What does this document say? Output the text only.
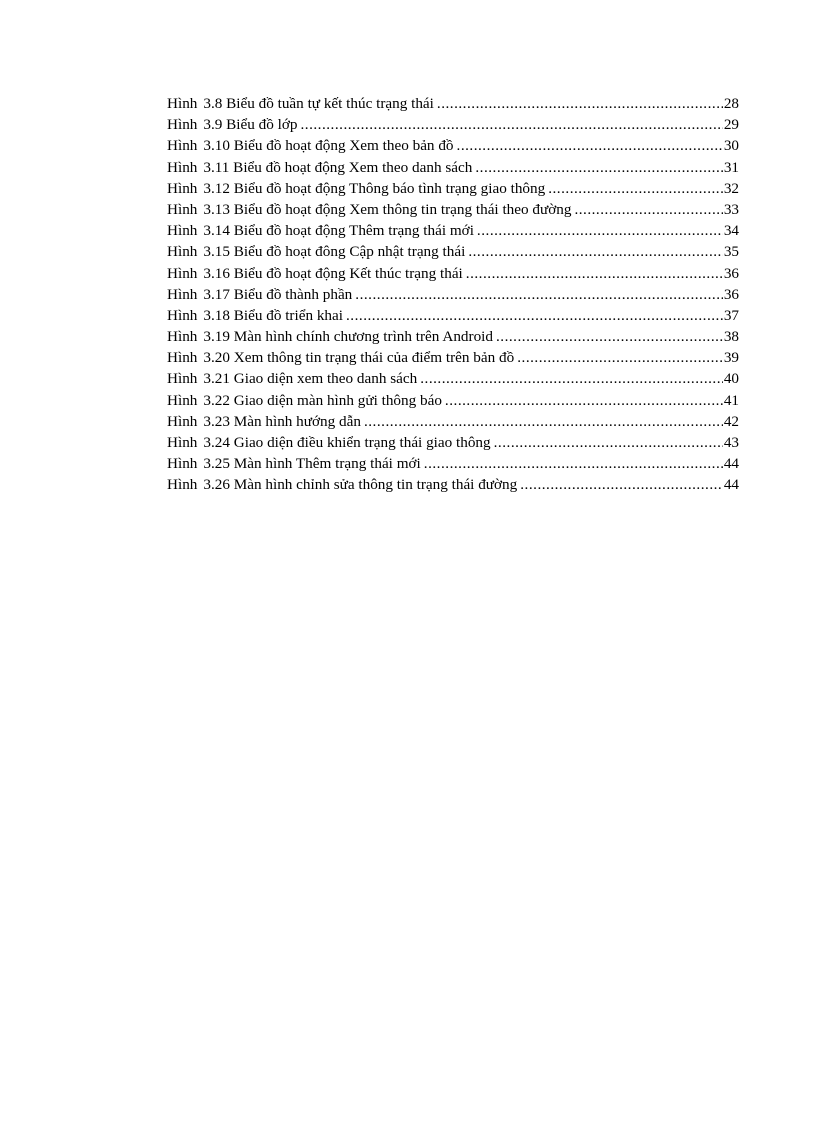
Hình 3.8 Biểu đồ tuần tự kết thúc trạng thái .....	28
Hình 3.9 Biểu đồ lớp .....	29
Hình 3.10 Biểu đồ hoạt động Xem theo bản đồ .....	30
Hình 3.11 Biểu đồ hoạt động Xem theo danh sách .....	31
Hình 3.12 Biểu đồ hoạt động Thông báo tình trạng giao thông .....	32
Hình 3.13 Biểu đồ hoạt động Xem thông tin trạng thái theo đường .....	33
Hình 3.14 Biểu đồ hoạt động Thêm trạng thái mới .....	34
Hình 3.15 Biểu đồ hoạt đông Cập nhật trạng thái .....	35
Hình 3.16 Biểu đồ hoạt động Kết thúc trạng thái .....	36
Hình 3.17 Biểu đồ thành phần .....	36
Hình 3.18 Biểu đồ triển khai .....	37
Hình 3.19 Màn hình chính chương trình trên Android .....	38
Hình 3.20 Xem thông tin trạng thái của điểm trên bản đồ .....	39
Hình 3.21 Giao diện xem theo danh sách .....	40
Hình 3.22 Giao diện màn hình gửi thông báo .....	41
Hình 3.23 Màn hình hướng dẫn .....	42
Hình 3.24 Giao diện điều khiển trạng thái giao thông .....	43
Hình 3.25 Màn hình Thêm trạng thái mới .....	44
Hình 3.26 Màn hình chỉnh sửa thông tin trạng thái đường .....	44
